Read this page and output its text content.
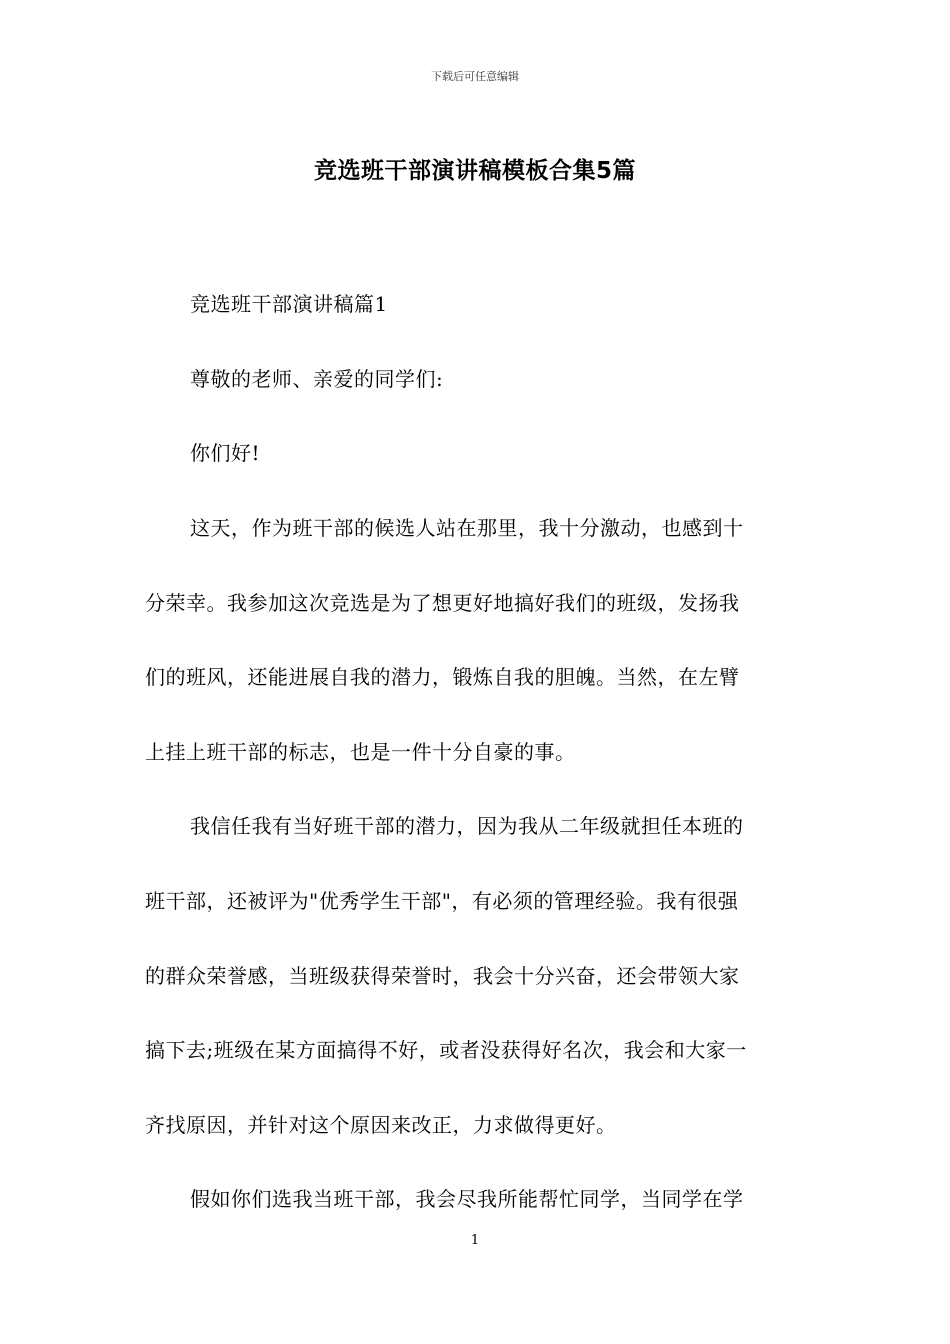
下载后可任意编辑
竞选班干部演讲稿模板合集5篇
竞选班干部演讲稿篇1
尊敬的老师、亲爱的同学们:
你们好!
这天，作为班干部的候选人站在那里，我十分激动，也感到十
分荣幸。我参加这次竞选是为了想更好地搞好我们的班级，发扬我
们的班风，还能进展自我的潜力，锻炼自我的胆魄。当然，在左臂
上挂上班干部的标志，也是一件十分自豪的事。
我信任我有当好班干部的潜力，因为我从二年级就担任本班的
班干部，还被评为"优秀学生干部"，有必须的管理经验。我有很强
的群众荣誉感，当班级获得荣誉时，我会十分兴奋，还会带领大家
搞下去;班级在某方面搞得不好，或者没获得好名次，我会和大家一
齐找原因，并针对这个原因来改正，力求做得更好。
假如你们选我当班干部，我会尽我所能帮忙同学，当同学在学
1
